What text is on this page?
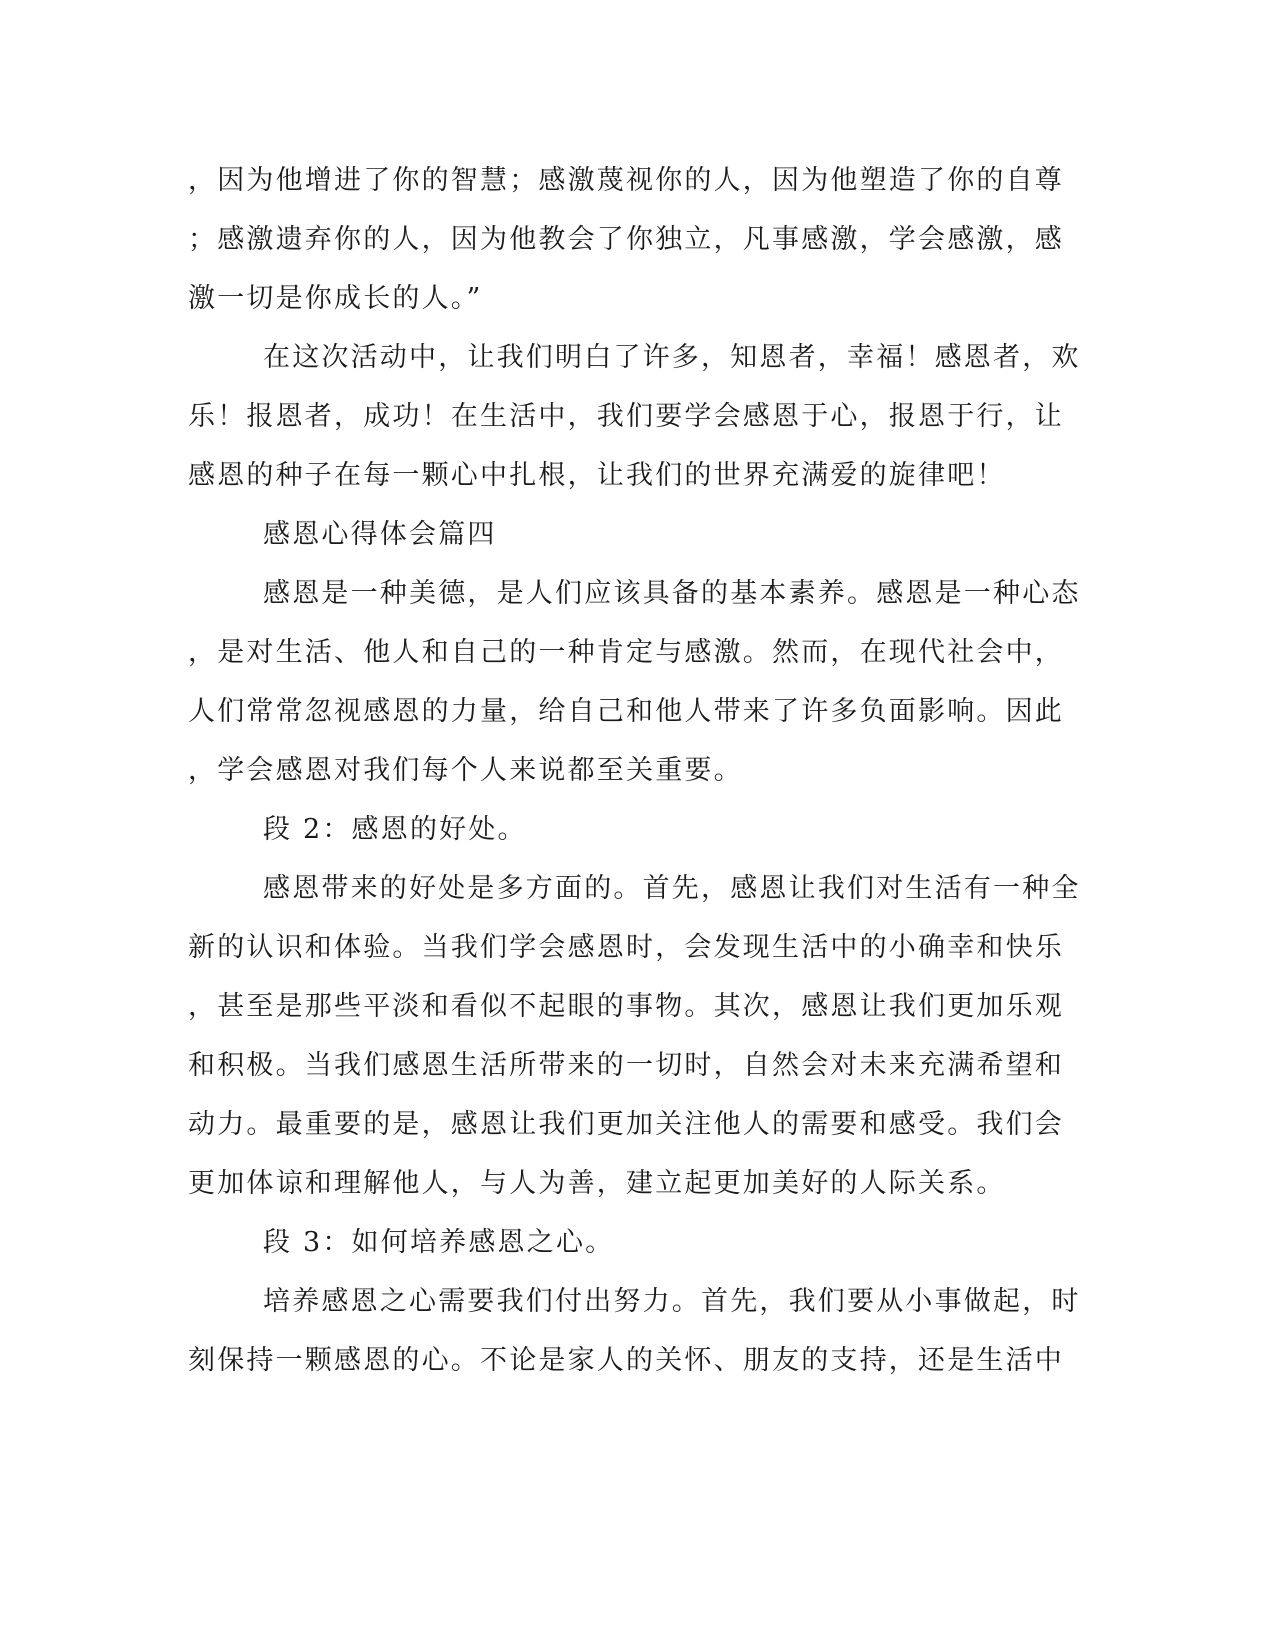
，因为他增进了你的智慧；感激蔑视你的人，因为他塑造了你的自尊
；感激遗弃你的人，因为他教会了你独立，凡事感激，学会感激，感
激一切是你成长的人。”
在这次活动中，让我们明白了许多，知恩者，幸福！感恩者，欢
乐！报恩者，成功！在生活中，我们要学会感恩于心，报恩于行，让
感恩的种子在每一颗心中扎根，让我们的世界充满爱的旋律吧！
感恩心得体会篇四
感恩是一种美德，是人们应该具备的基本素养。感恩是一种心态
，是对生活、他人和自己的一种肯定与感激。然而，在现代社会中，
人们常常忽视感恩的力量，给自己和他人带来了许多负面影响。因此
，学会感恩对我们每个人来说都至关重要。
段 2：感恩的好处。
感恩带来的好处是多方面的。首先，感恩让我们对生活有一种全
新的认识和体验。当我们学会感恩时，会发现生活中的小确幸和快乐
，甚至是那些平淡和看似不起眼的事物。其次，感恩让我们更加乐观
和积极。当我们感恩生活所带来的一切时，自然会对未来充满希望和
动力。最重要的是，感恩让我们更加关注他人的需要和感受。我们会
更加体谅和理解他人，与人为善，建立起更加美好的人际关系。
段 3：如何培养感恩之心。
培养感恩之心需要我们付出努力。首先，我们要从小事做起，时
刻保持一颗感恩的心。不论是家人的关怀、朋友的支持，还是生活中
